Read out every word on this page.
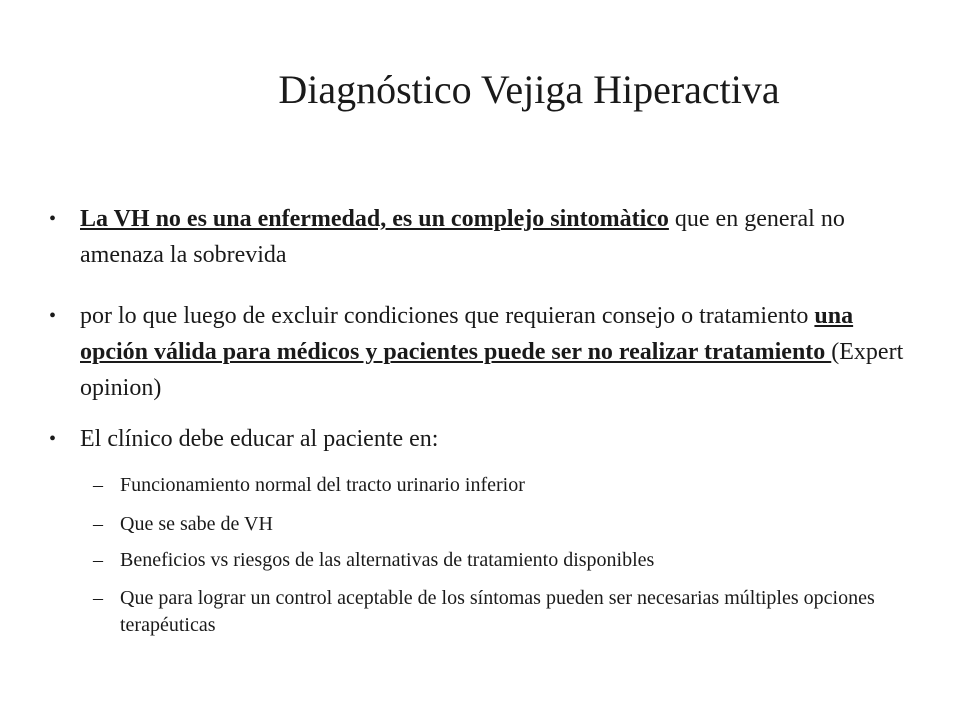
Diagnóstico Vejiga Hiperactiva
• La VH no es una enfermedad, es un complejo sintomàtico que en general no amenaza la sobrevida
• por lo que luego de excluir condiciones que requieran consejo o tratamiento una opción válida para médicos y pacientes puede ser no realizar tratamiento (Expert opinion)
• El clínico debe educar al paciente en:
– Funcionamiento normal del tracto urinario inferior
– Que se sabe de VH
– Beneficios vs riesgos de las alternativas de tratamiento disponibles
– Que para lograr un control aceptable de los síntomas pueden ser necesarias múltiples opciones terapéuticas
